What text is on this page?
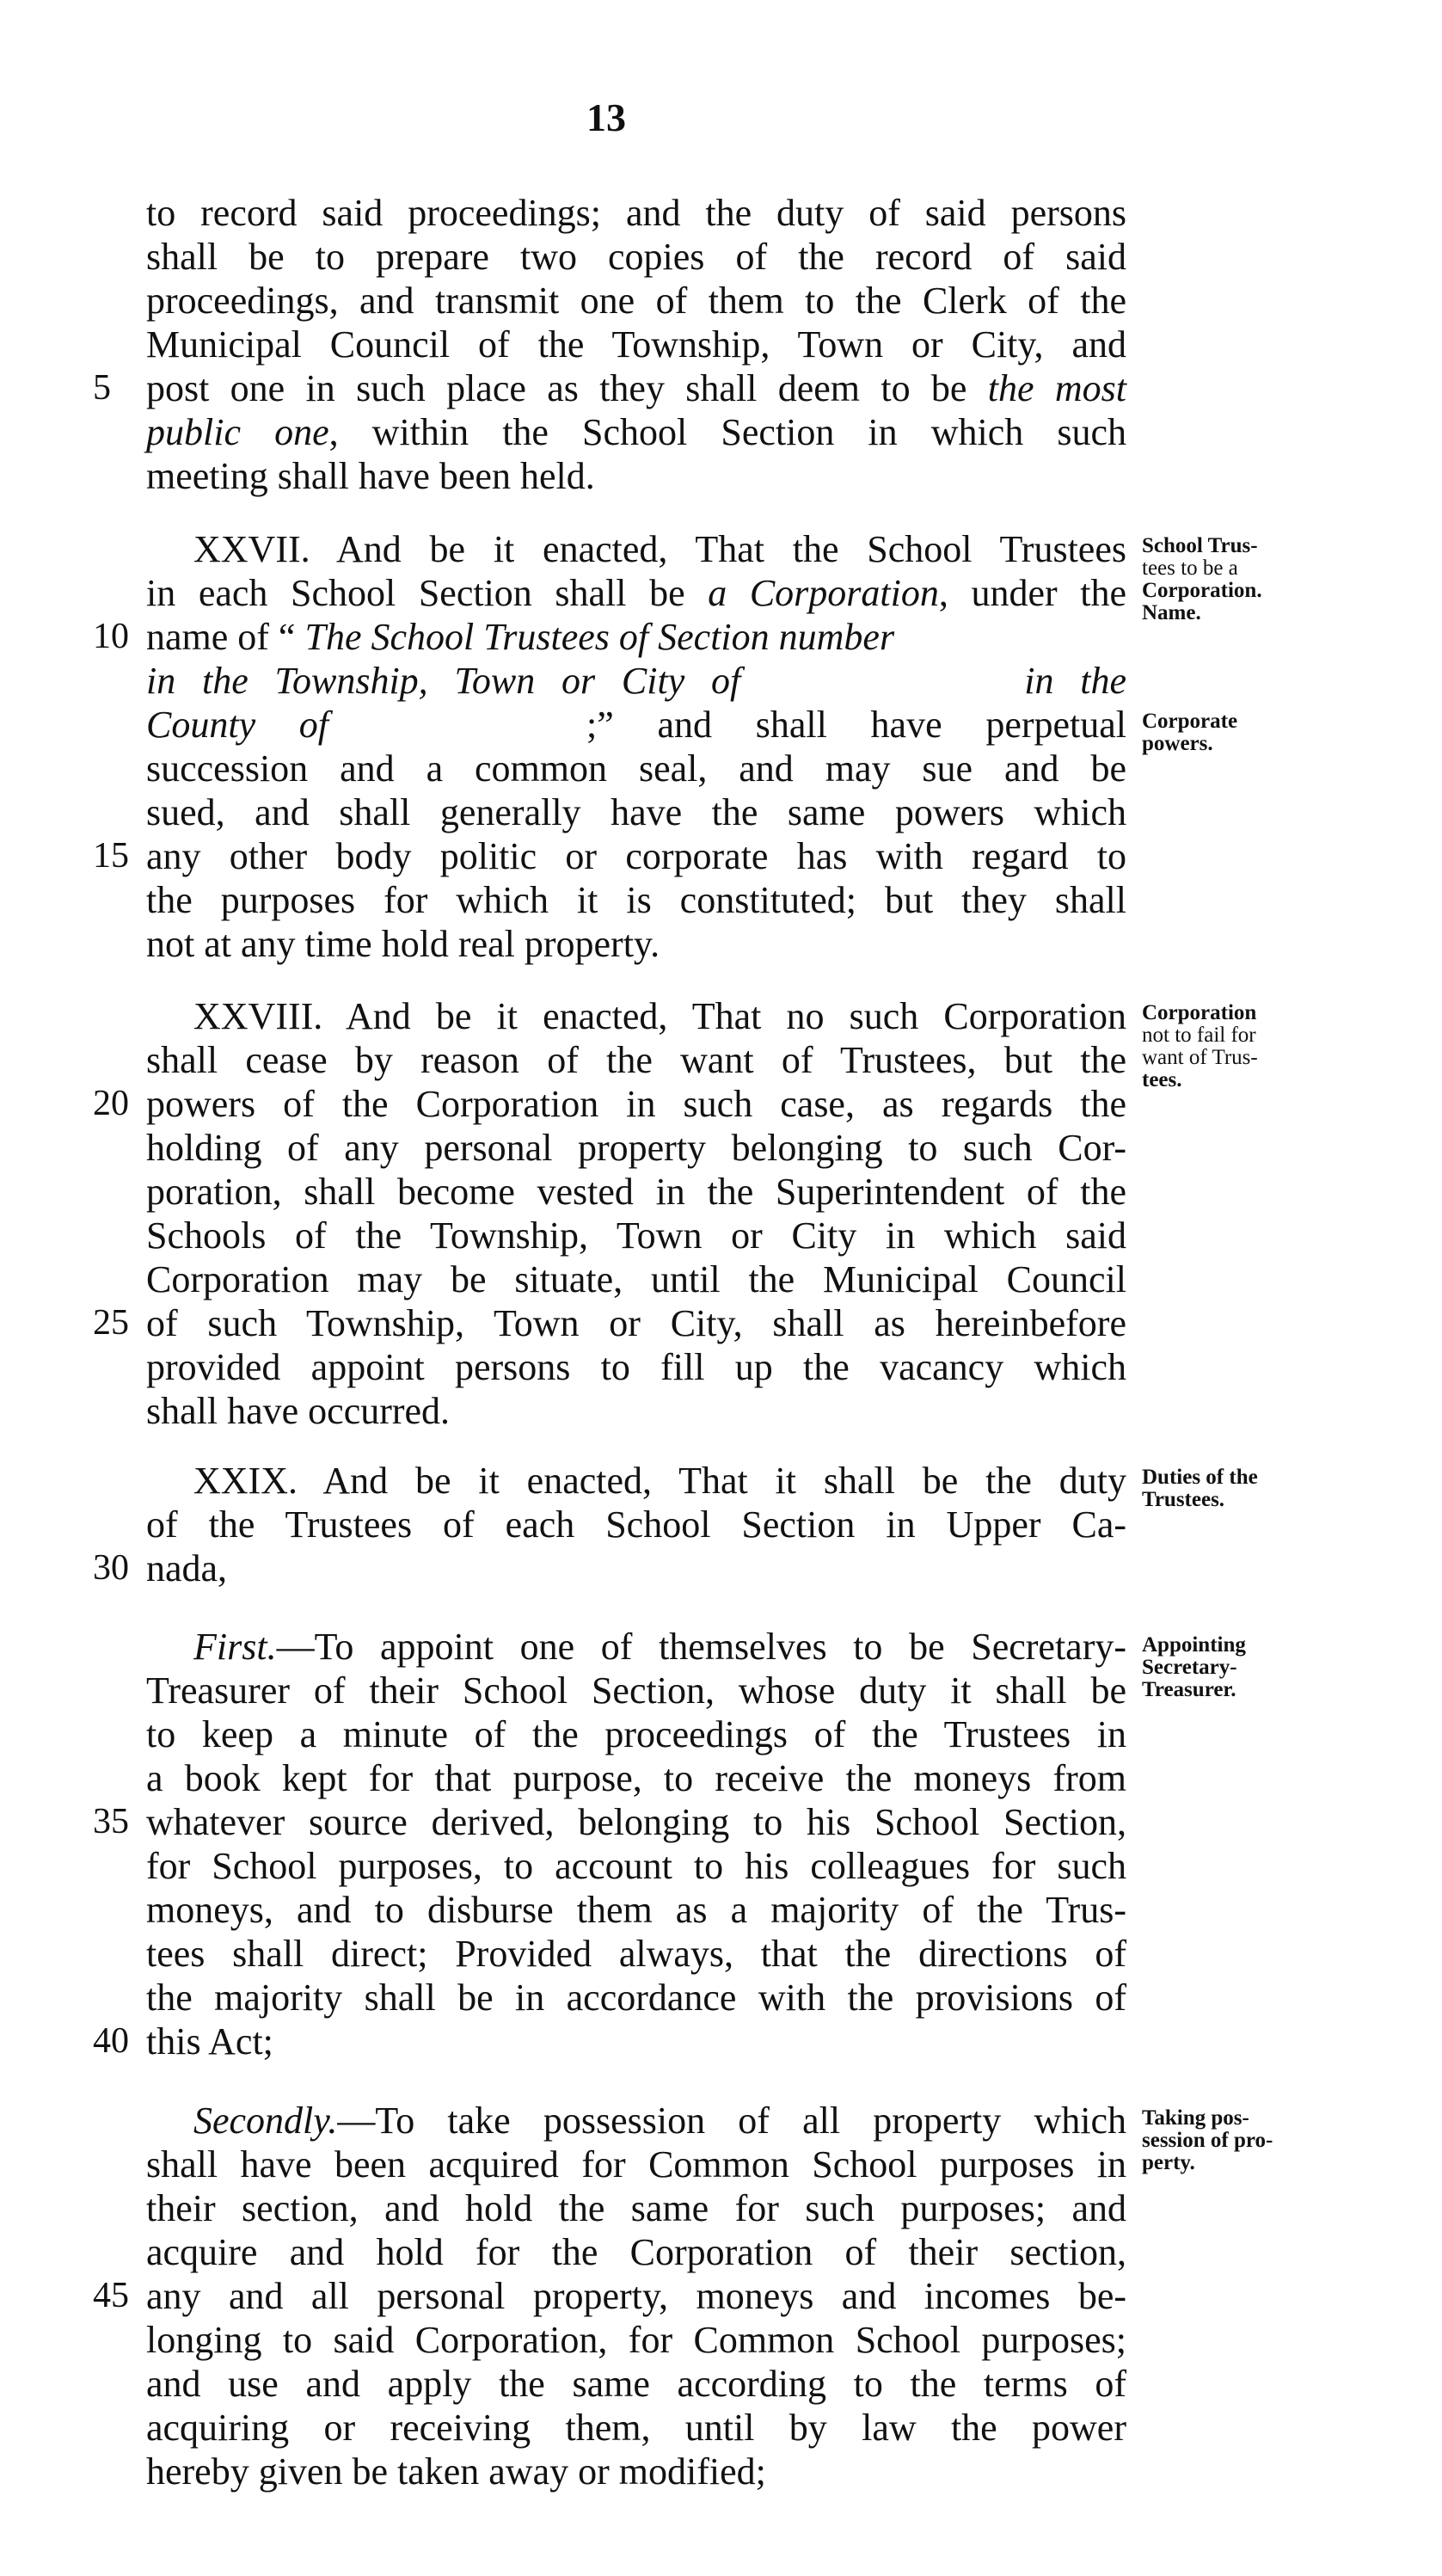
13
to record said proceedings; and the duty of said persons
shall be to prepare two copies of the record of said
proceedings, and transmit one of them to the Clerk of the
Municipal Council of the Township, Town or City, and
post one in such place as they shall deem to be the most
public one, within the School Section in which such
meeting shall have been held.
XXVII. And be it enacted, That the School Trustees
in each School Section shall be a Corporation, under the
name of “ The School Trustees of Section number
in the Township, Town or City of	in the
County of	;” and shall have perpetual
succession and a common seal, and may sue and be
sued, and shall generally have the same powers which
any other body politic or corporate has with regard to
the purposes for which it is constituted; but they shall
not at any time hold real property.
School Trus-
tees to be a
Corporation.
Name.
Corporate
powers.
XXVIII. And be it enacted, That no such Corporation
shall cease by reason of the want of Trustees, but the
powers of the Corporation in such case, as regards the
holding of any personal property belonging to such Cor-
poration, shall become vested in the Superintendent of the
Schools of the Township, Town or City in which said
Corporation may be situate, until the Municipal Council
of such Township, Town or City, shall as hereinbefore
provided appoint persons to fill up the vacancy which
shall have occurred.
Corporation
not to fail for
want of Trus-
tees.
XXIX. And be it enacted, That it shall be the duty
of the Trustees of each School Section in Upper Ca-
nada,
Duties of the
Trustees.
First.—To appoint one of themselves to be Secretary-
Treasurer of their School Section, whose duty it shall be
to keep a minute of the proceedings of the Trustees in
a book kept for that purpose, to receive the moneys from
whatever source derived, belonging to his School Section,
for School purposes, to account to his colleagues for such
moneys, and to disburse them as a majority of the Trus-
tees shall direct; Provided always, that the directions of
the majority shall be in accordance with the provisions of
this Act;
Appointing
Secretary-
Treasurer.
Secondly.—To take possession of all property which
shall have been acquired for Common School purposes in
their section, and hold the same for such purposes; and
acquire and hold for the Corporation of their section,
any and all personal property, moneys and incomes be-
longing to said Corporation, for Common School purposes;
and use and apply the same according to the terms of
acquiring or receiving them, until by law the power
hereby given be taken away or modified;
Taking pos-
session of pro-
perty.
5
10
15
20
25
30
35
40
45
